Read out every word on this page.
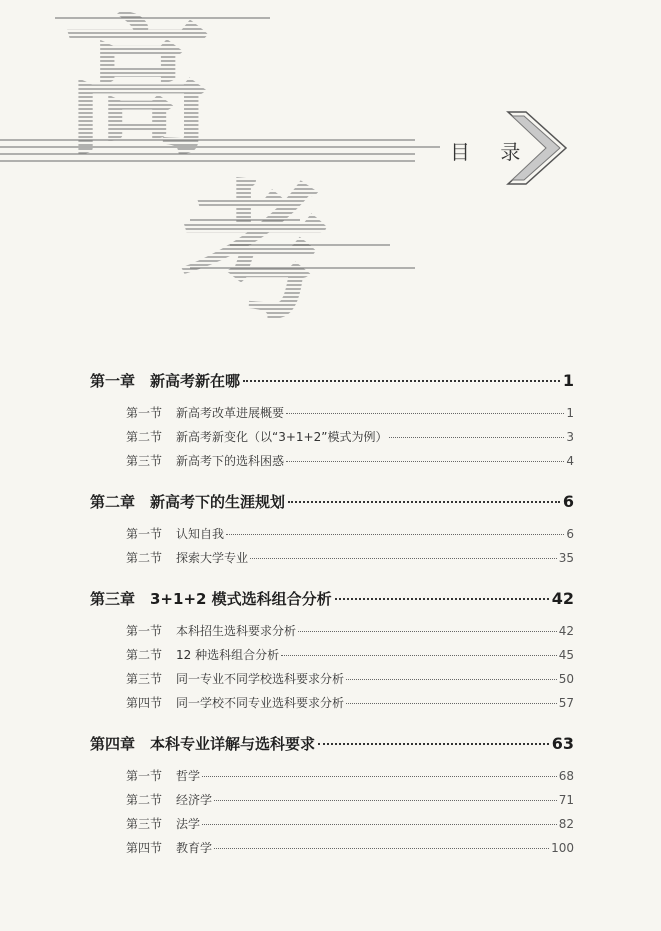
高
考
目 录
第一章 新高考新在哪	1
第一节	新高考改革进展概要	1
第二节	新高考新变化（以“3+1+2”模式为例）	3
第三节	新高考下的选科困惑	4
第二章 新高考下的生涯规划	6
第一节	认知自我	6
第二节	探索大学专业	35
第三章 3+1+2 模式选科组合分析	42
第一节	本科招生选科要求分析	42
第二节	12 种选科组合分析	45
第三节	同一专业不同学校选科要求分析	50
第四节	同一学校不同专业选科要求分析	57
第四章 本科专业详解与选科要求	63
第一节	哲学	68
第二节	经济学	71
第三节	法学	82
第四节	教育学	100
